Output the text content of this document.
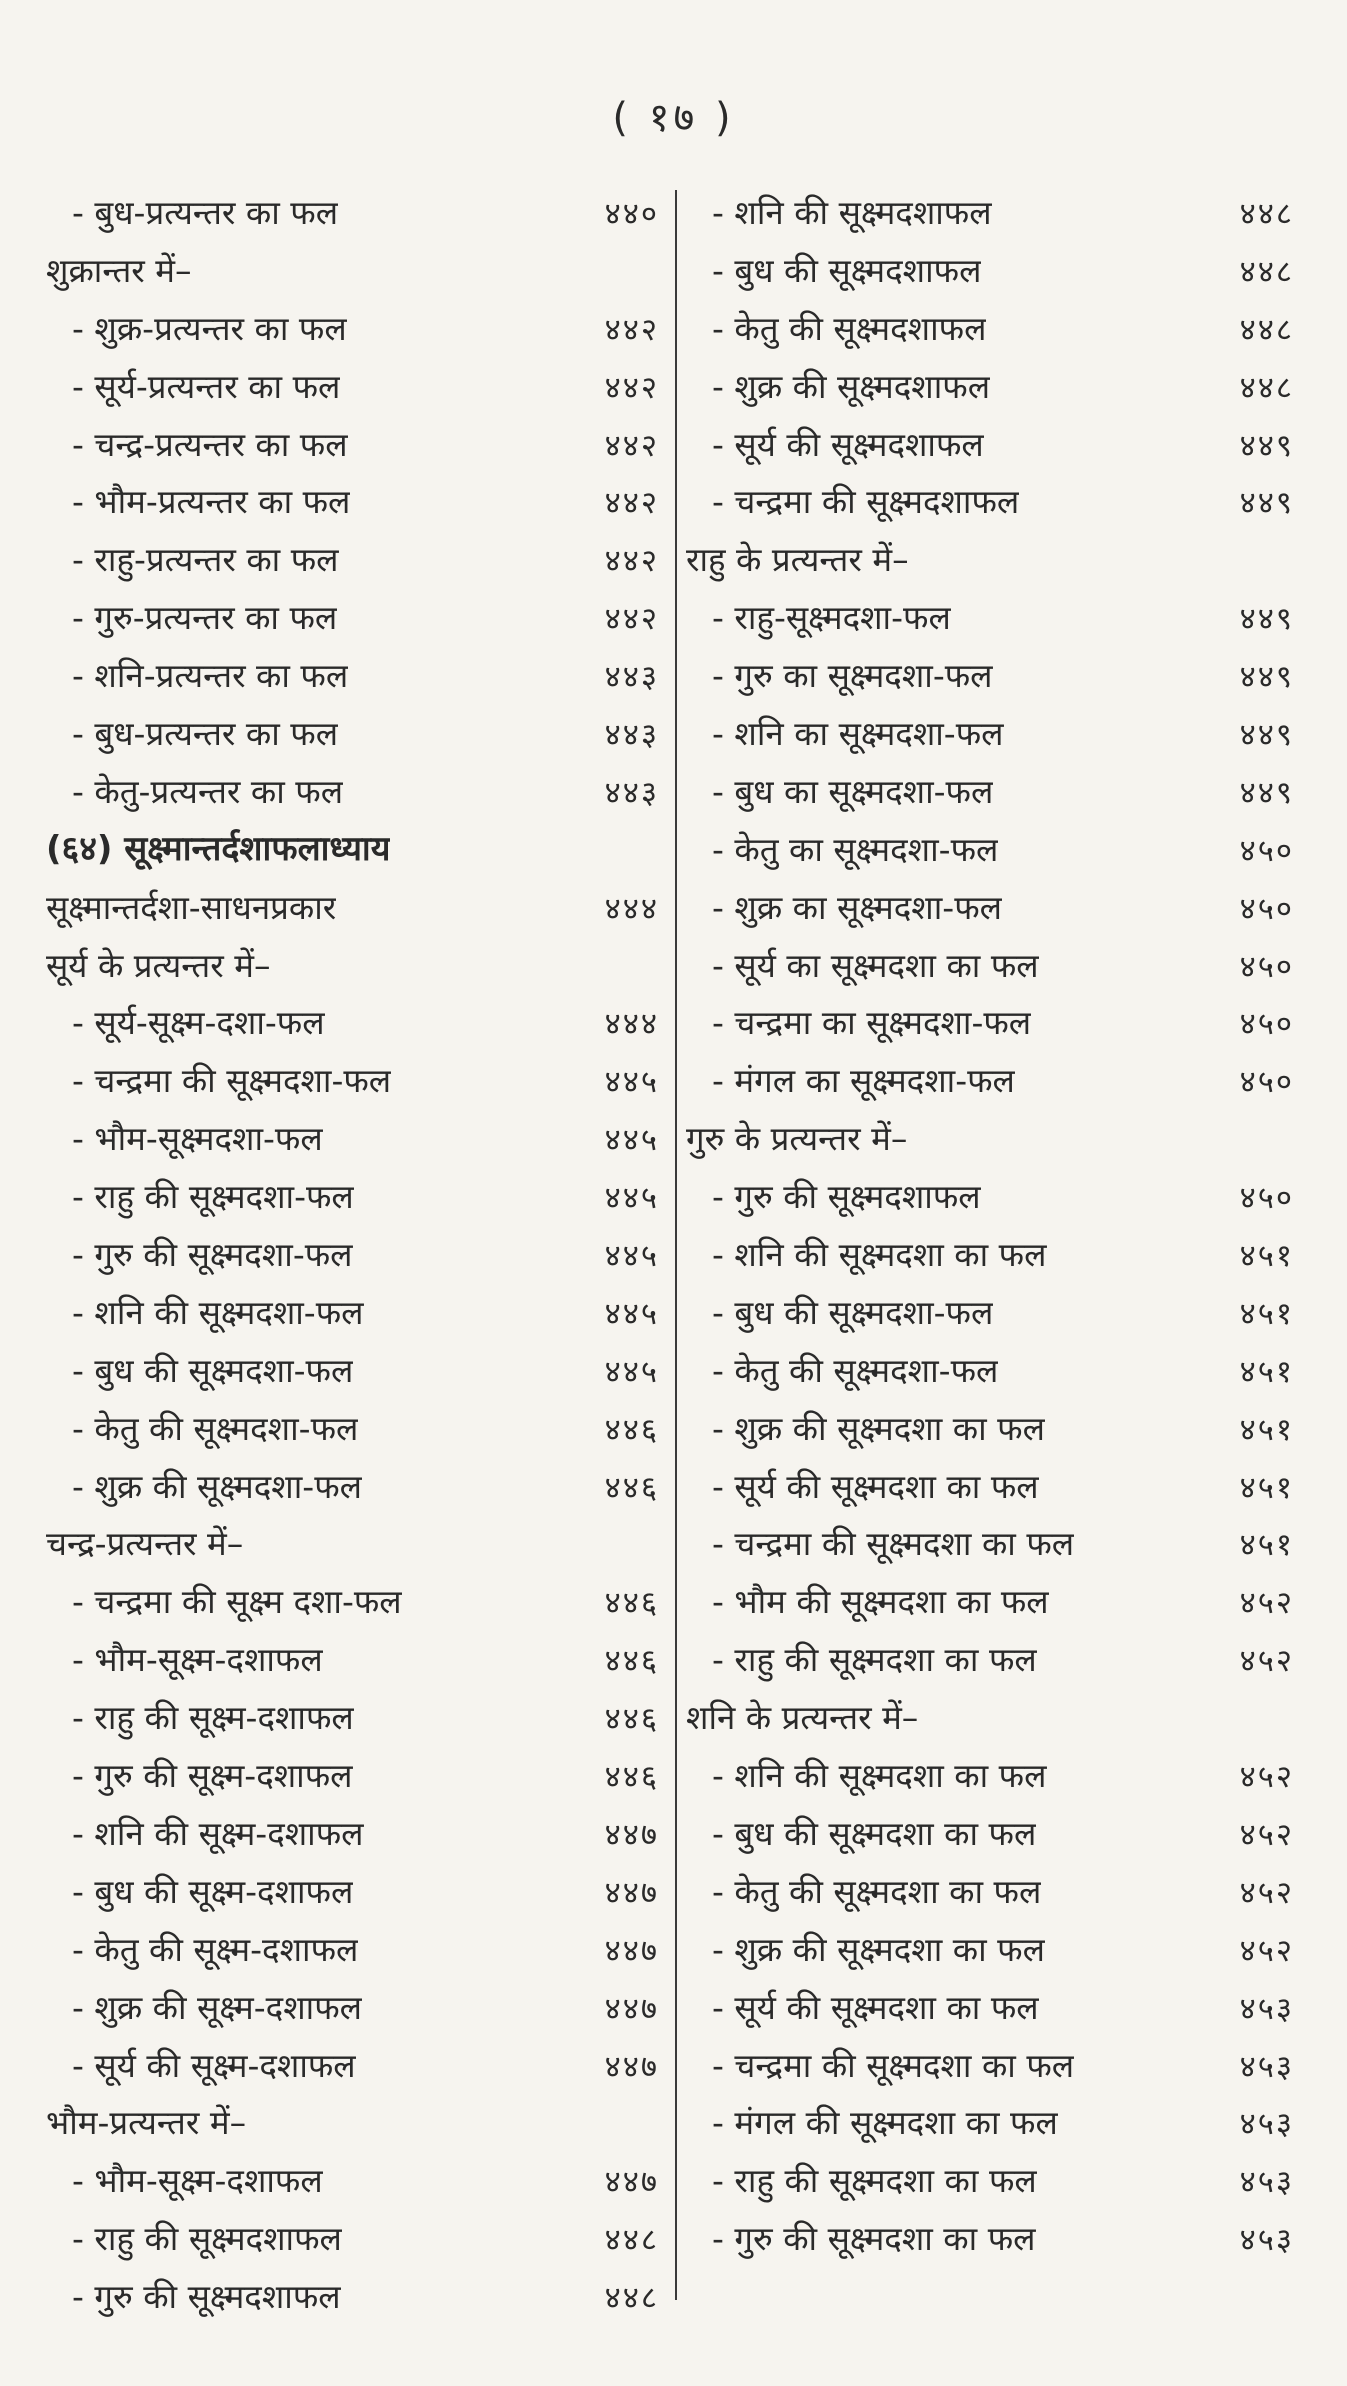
( १७ )
- बुध-प्रत्यन्तर का फल	४४०
शुक्रान्तर में–
- शुक्र-प्रत्यन्तर का फल	४४२
- सूर्य-प्रत्यन्तर का फल	४४२
- चन्द्र-प्रत्यन्तर का फल	४४२
- भौम-प्रत्यन्तर का फल	४४२
- राहु-प्रत्यन्तर का फल	४४२
- गुरु-प्रत्यन्तर का फल	४४२
- शनि-प्रत्यन्तर का फल	४४३
- बुध-प्रत्यन्तर का फल	४४३
- केतु-प्रत्यन्तर का फल	४४३
(६४) सूक्ष्मान्तर्दशाफलाध्याय
सूक्ष्मान्तर्दशा-साधनप्रकार	४४४
सूर्य के प्रत्यन्तर में–
- सूर्य-सूक्ष्म-दशा-फल	४४४
- चन्द्रमा की सूक्ष्मदशा-फल	४४५
- भौम-सूक्ष्मदशा-फल	४४५
- राहु की सूक्ष्मदशा-फल	४४५
- गुरु की सूक्ष्मदशा-फल	४४५
- शनि की सूक्ष्मदशा-फल	४४५
- बुध की सूक्ष्मदशा-फल	४४५
- केतु की सूक्ष्मदशा-फल	४४६
- शुक्र की सूक्ष्मदशा-फल	४४६
चन्द्र-प्रत्यन्तर में–
- चन्द्रमा की सूक्ष्म दशा-फल	४४६
- भौम-सूक्ष्म-दशाफल	४४६
- राहु की सूक्ष्म-दशाफल	४४६
- गुरु की सूक्ष्म-दशाफल	४४६
- शनि की सूक्ष्म-दशाफल	४४७
- बुध की सूक्ष्म-दशाफल	४४७
- केतु की सूक्ष्म-दशाफल	४४७
- शुक्र की सूक्ष्म-दशाफल	४४७
- सूर्य की सूक्ष्म-दशाफल	४४७
भौम-प्रत्यन्तर में–
- भौम-सूक्ष्म-दशाफल	४४७
- राहु की सूक्ष्मदशाफल	४४८
- गुरु की सूक्ष्मदशाफल	४४८
- शनि की सूक्ष्मदशाफल	४४८
- बुध की सूक्ष्मदशाफल	४४८
- केतु की सूक्ष्मदशाफल	४४८
- शुक्र की सूक्ष्मदशाफल	४४८
- सूर्य की सूक्ष्मदशाफल	४४९
- चन्द्रमा की सूक्ष्मदशाफल	४४९
राहु के प्रत्यन्तर में–
- राहु-सूक्ष्मदशा-फल	४४९
- गुरु का सूक्ष्मदशा-फल	४४९
- शनि का सूक्ष्मदशा-फल	४४९
- बुध का सूक्ष्मदशा-फल	४४९
- केतु का सूक्ष्मदशा-फल	४५०
- शुक्र का सूक्ष्मदशा-फल	४५०
- सूर्य का सूक्ष्मदशा का फल	४५०
- चन्द्रमा का सूक्ष्मदशा-फल	४५०
- मंगल का सूक्ष्मदशा-फल	४५०
गुरु के प्रत्यन्तर में–
- गुरु की सूक्ष्मदशाफल	४५०
- शनि की सूक्ष्मदशा का फल	४५१
- बुध की सूक्ष्मदशा-फल	४५१
- केतु की सूक्ष्मदशा-फल	४५१
- शुक्र की सूक्ष्मदशा का फल	४५१
- सूर्य की सूक्ष्मदशा का फल	४५१
- चन्द्रमा की सूक्ष्मदशा का फल	४५१
- भौम की सूक्ष्मदशा का फल	४५२
- राहु की सूक्ष्मदशा का फल	४५२
शनि के प्रत्यन्तर में–
- शनि की सूक्ष्मदशा का फल	४५२
- बुध की सूक्ष्मदशा का फल	४५२
- केतु की सूक्ष्मदशा का फल	४५२
- शुक्र की सूक्ष्मदशा का फल	४५२
- सूर्य की सूक्ष्मदशा का फल	४५३
- चन्द्रमा की सूक्ष्मदशा का फल	४५३
- मंगल की सूक्ष्मदशा का फल	४५३
- राहु की सूक्ष्मदशा का फल	४५३
- गुरु की सूक्ष्मदशा का फल	४५३
